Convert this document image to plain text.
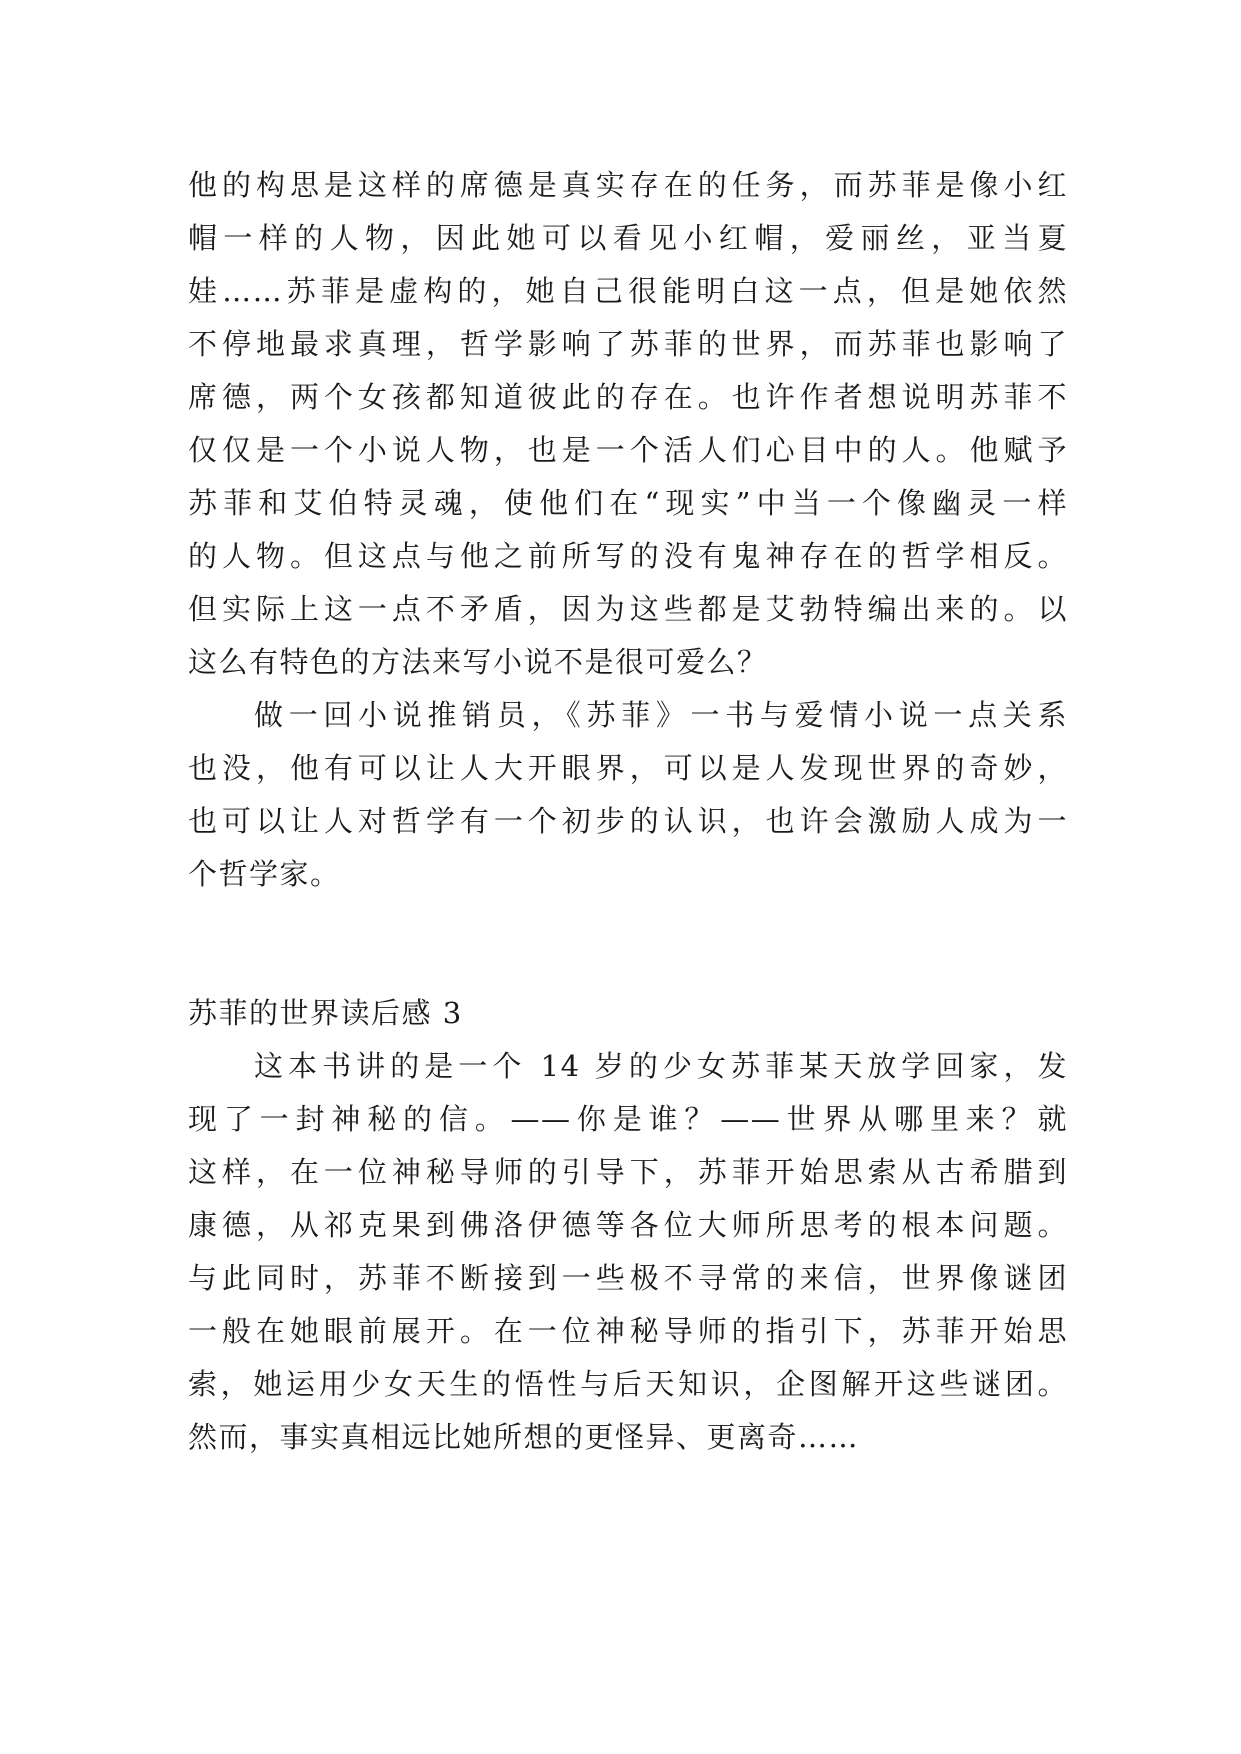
他的构思是这样的席德是真实存在的任务，而苏菲是像小红
帽一样的人物，因此她可以看见小红帽，爱丽丝，亚当夏
娃……苏菲是虚构的，她自己很能明白这一点，但是她依然
不停地最求真理，哲学影响了苏菲的世界，而苏菲也影响了
席德，两个女孩都知道彼此的存在。也许作者想说明苏菲不
仅仅是一个小说人物，也是一个活人们心目中的人。他赋予
苏菲和艾伯特灵魂，使他们在“现实”中当一个像幽灵一样
的人物。但这点与他之前所写的没有鬼神存在的哲学相反。
但实际上这一点不矛盾，因为这些都是艾勃特编出来的。以
这么有特色的方法来写小说不是很可爱么？
做一回小说推销员，《苏菲》一书与爱情小说一点关系
也没，他有可以让人大开眼界，可以是人发现世界的奇妙，
也可以让人对哲学有一个初步的认识，也许会激励人成为一
个哲学家。
苏菲的世界读后感 3
这本书讲的是一个 14 岁的少女苏菲某天放学回家，发
现了一封神秘的信。——你是谁？——世界从哪里来？就
这样，在一位神秘导师的引导下，苏菲开始思索从古希腊到
康德，从祁克果到佛洛伊德等各位大师所思考的根本问题。
与此同时，苏菲不断接到一些极不寻常的来信，世界像谜团
一般在她眼前展开。在一位神秘导师的指引下，苏菲开始思
索，她运用少女天生的悟性与后天知识，企图解开这些谜团。
然而，事实真相远比她所想的更怪异、更离奇……
